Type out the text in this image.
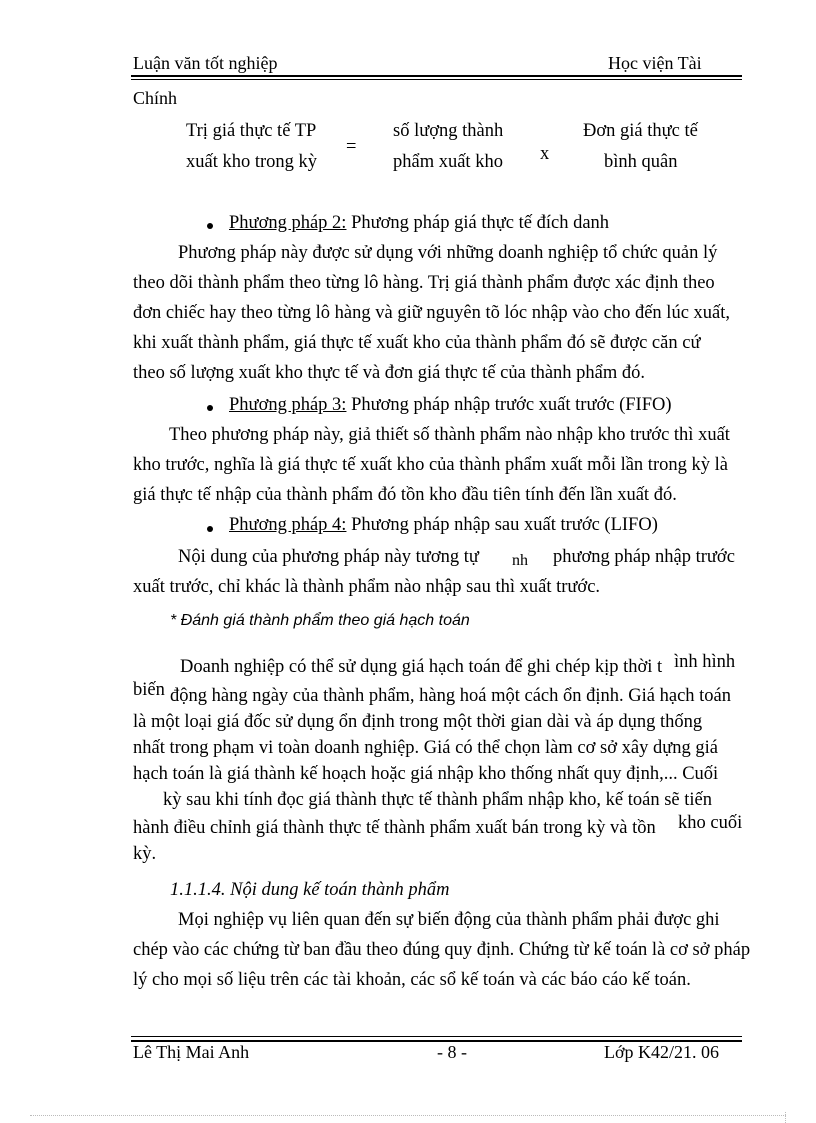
Luận văn tốt nghiệp	Học viện Tài
Chính
Trị giá thực tế TP
xuất kho trong kỳ
=
số lượng thành
phẩm xuất kho x
Đơn giá thực tế
bình quân
Phương pháp 2: Phương pháp giá thực tế đích danh
Phương pháp này được sử dụng với những doanh nghiệp tổ chức quản lý
theo dõi thành phẩm theo từng lô hàng. Trị giá thành phẩm được xác định theo
đơn chiếc hay theo từng lô hàng và giữ nguyên tõ lóc nhập vào cho đến lúc xuất,
khi xuất thành phẩm, giá thực tế xuất kho của thành phẩm đó sẽ được căn cứ
theo số lượng xuất kho thực tế và đơn giá thực tế của thành phẩm đó.
Phương pháp 3: Phương pháp nhập trước xuất trước (FIFO)
Theo phương pháp này, giả thiết số thành phẩm nào nhập kho trước thì xuất
kho trước, nghĩa là giá thực tế xuất kho của thành phẩm xuất mỗi lần trong kỳ là
giá thực tế nhập của thành phẩm đó tồn kho đầu tiên tính đến lần xuất đó.
Phương pháp 4: Phương pháp nhập sau xuất trước (LIFO)
Nội dung của phương pháp này tương tự nh phương pháp nhập trước
xuất trước, chỉ khác là thành phẩm nào nhập sau thì xuất trước.
* Đánh giá thành phẩm theo giá hạch toán
Doanh nghiệp có thể sử dụng giá hạch toán để ghi chép kịp thời t ình hình
biến động hàng ngày của thành phẩm, hàng hoá một cách ổn định. Giá hạch toán
là một loại giá đốc sử dụng ổn định trong một thời gian dài và áp dụng thống
nhất trong phạm vi toàn doanh nghiệp. Giá có thể chọn làm cơ sở xây dựng giá
hạch toán là giá thành kế hoạch hoặc giá nhập kho thống nhất quy định,... Cuối
kỳ sau khi tính đọc giá thành thực tế thành phẩm nhập kho, kế toán sẽ tiến
hành điều chỉnh giá thành thực tế thành phẩm xuất bán trong kỳ và tồn kho cuối
kỳ.
1.1.1.4. Nội dung kế toán thành phẩm
Mọi nghiệp vụ liên quan đến sự biến động của thành phẩm phải được ghi
chép vào các chứng từ ban đầu theo đúng quy định. Chứng từ kế toán là cơ sở pháp
lý cho mọi số liệu trên các tài khoản, các sổ kế toán và các báo cáo kế toán.
Lê Thị Mai Anh	- 8 -	Lớp K42/21. 06
